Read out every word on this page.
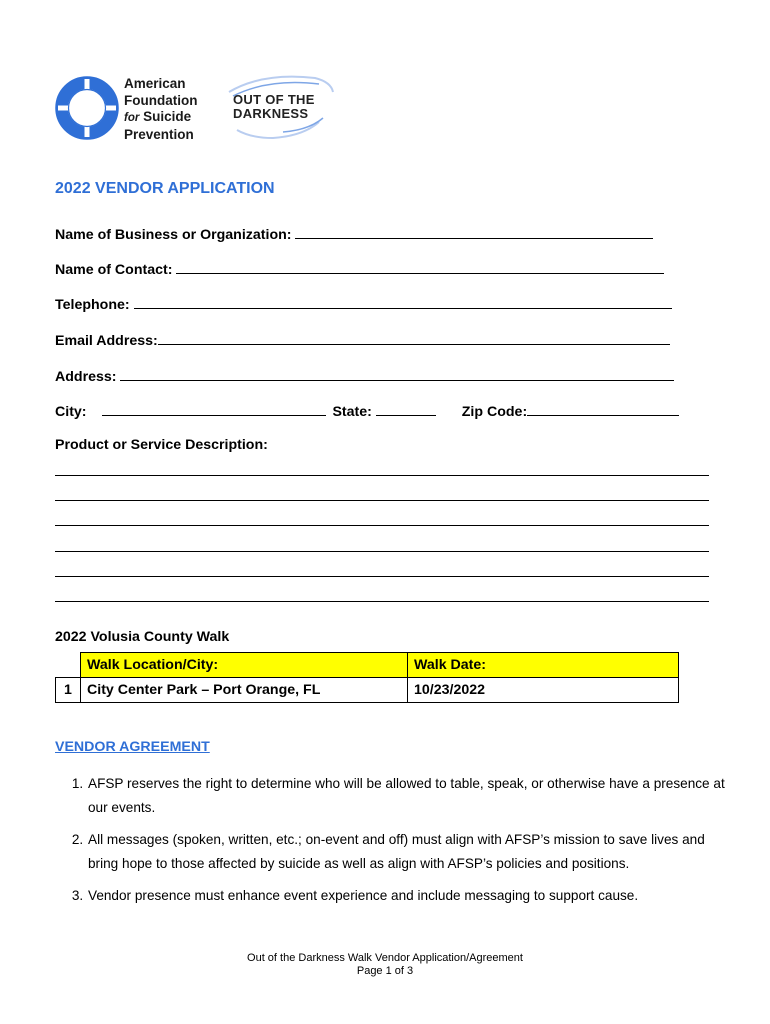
American
Foundation
for Suicide
Prevention
OUT OF THE
DARKNESS
2022 VENDOR APPLICATION
Name of Business or Organization:
Name of Contact:
Telephone:
Email Address:
Address:
City:	State:	Zip Code:
Product or Service Description:
2022 Volusia County Walk
	Walk Location/City:	Walk Date:
1	City Center Park – Port Orange, FL	10/23/2022
VENDOR AGREEMENT
1. AFSP reserves the right to determine who will be allowed to table, speak, or otherwise have a presence at our events.
2. All messages (spoken, written, etc.; on-event and off) must align with AFSP’s mission to save lives and bring hope to those affected by suicide as well as align with AFSP’s policies and positions.
3. Vendor presence must enhance event experience and include messaging to support cause.
Out of the Darkness Walk Vendor Application/Agreement
Page 1 of 3
